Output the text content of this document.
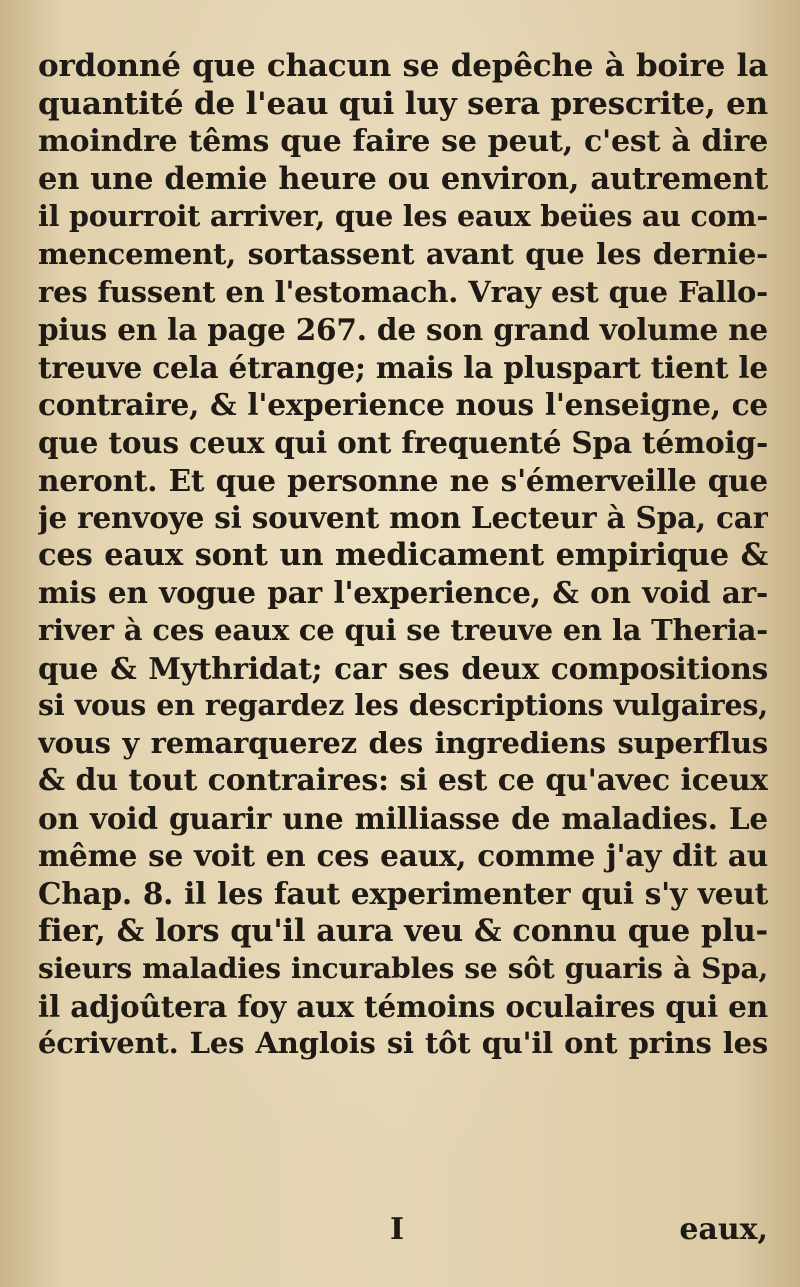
ordonné que chacun se depêche à boire la
quantité de l'eau qui luy sera prescrite, en
moindre têms que faire se peut, c'est à dire
en une demie heure ou environ, autrement
il pourroit arriver, que les eaux beües au com-
mencement, sortassent avant que les dernie-
res fussent en l'estomach. Vray est que Fallo-
pius en la page 267. de son grand volume ne
treuve cela étrange; mais la pluspart tient le
contraire, & l'experience nous l'enseigne, ce
que tous ceux qui ont frequenté Spa témoig-
neront. Et que personne ne s'émerveille que
je renvoye si souvent mon Lecteur à Spa, car
ces eaux sont un medicament empirique &
mis en vogue par l'experience, & on void ar-
river à ces eaux ce qui se treuve en la Theria-
que & Mythridat; car ses deux compositions
si vous en regardez les descriptions vulgaires,
vous y remarquerez des ingrediens superflus
& du tout contraires: si est ce qu'avec iceux
on void guarir une milliasse de maladies. Le
même se voit en ces eaux, comme j'ay dit au
Chap. 8. il les faut experimenter qui s'y veut
fier, & lors qu'il aura veu & connu que plu-
sieurs maladies incurables se sôt guaris à Spa,
il adjoûtera foy aux témoins oculaires qui en
écrivent. Les Anglois si tôt qu'il ont prins les
I	eaux,
